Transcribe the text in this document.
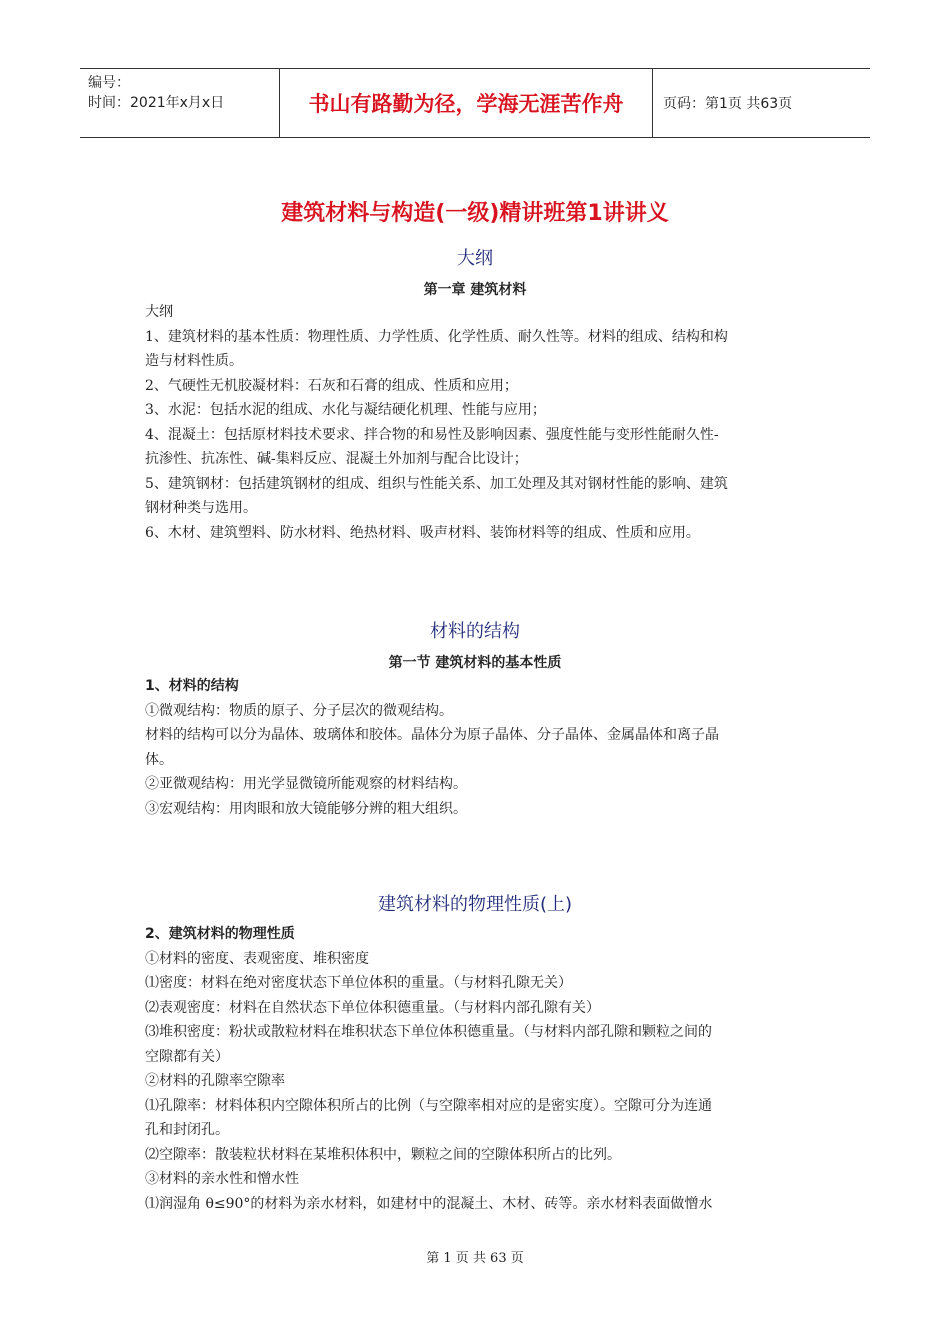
编号：
时间：2021年x月x日	书山有路勤为径，学海无涯苦作舟	页码：第1页 共63页
建筑材料与构造(一级)精讲班第1讲讲义
大纲
第一章 建筑材料

大纲

1、建筑材料的基本性质：物理性质、力学性质、化学性质、耐久性等。材料的组成、结构和构

造与材料性质。

2、气硬性无机胶凝材料：石灰和石膏的组成、性质和应用；

3、水泥：包括水泥的组成、水化与凝结硬化机理、性能与应用；

4、混凝土：包括原材料技术要求、拌合物的和易性及影响因素、强度性能与变形性能耐久性-

抗渗性、抗冻性、碱-集料反应、混凝土外加剂与配合比设计；

5、建筑钢材：包括建筑钢材的组成、组织与性能关系、加工处理及其对钢材性能的影响、建筑

钢材种类与选用。

6、木材、建筑塑料、防水材料、绝热材料、吸声材料、装饰材料等的组成、性质和应用。

材料的结构
第一节 建筑材料的基本性质

1、材料的结构

①微观结构：物质的原子、分子层次的微观结构。

材料的结构可以分为晶体、玻璃体和胶体。晶体分为原子晶体、分子晶体、金属晶体和离子晶

体。

②亚微观结构：用光学显微镜所能观察的材料结构。

③宏观结构：用肉眼和放大镜能够分辨的粗大组织。

建筑材料的物理性质(上)

2、建筑材料的物理性质

①材料的密度、表观密度、堆积密度

⑴密度：材料在绝对密度状态下单位体积的重量。（与材料孔隙无关）

⑵表观密度：材料在自然状态下单位体积德重量。（与材料内部孔隙有关）

⑶堆积密度：粉状或散粒材料在堆积状态下单位体积德重量。（与材料内部孔隙和颗粒之间的

空隙都有关）

②材料的孔隙率空隙率

⑴孔隙率：材料体积内空隙体积所占的比例（与空隙率相对应的是密实度）。空隙可分为连通

孔和封闭孔。

⑵空隙率：散装粒状材料在某堆积体积中，颗粒之间的空隙体积所占的比列。

③材料的亲水性和憎水性

⑴润湿角 θ≤90°的材料为亲水材料，如建材中的混凝土、木材、砖等。亲水材料表面做憎水

第 1 页 共 63 页
